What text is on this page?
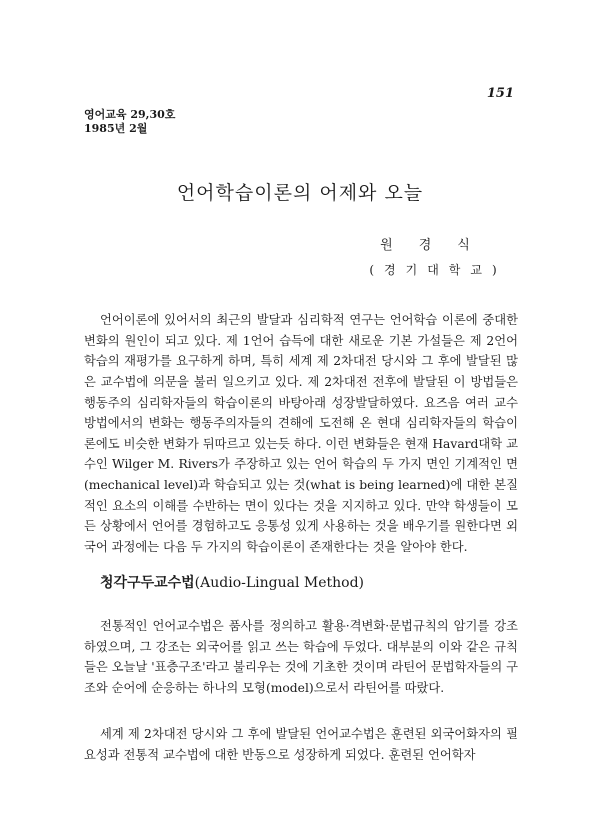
151
영어교육 29,30호
1985년 2월
언어학습이론의 어제와 오늘
원경식
(경기대학교)

언어이론에 있어서의 최근의 발달과 심리학적 연구는 언어학습 이론에 중대한 변화의 원인이 되고 있다. 제 1언어 습득에 대한 새로운 기본 가설들은 제 2언어 학습의 재평가를 요구하게 하며, 특히 세계 제 2차대전 당시와 그 후에 발달된 많은 교수법에 의문을 불러 일으키고 있다. 제 2차대전 전후에 발달된 이 방법들은 행동주의 심리학자들의 학습이론의 바탕아래 성장발달하였다. 요즈음 여러 교수방법에서의 변화는 행동주의자들의 견해에 도전해 온 현대 심리학자들의 학습이론에도 비슷한 변화가 뒤따르고 있는듯 하다. 이런 변화들은 현재 Havard대학 교수인 Wilger M. Rivers가 주장하고 있는 언어 학습의 두 가지 면인 기계적인 면(mechanical level)과 학습되고 있는 것(what is being learned)에 대한 본질적인 요소의 이해를 수반하는 면이 있다는 것을 지지하고 있다. 만약 학생들이 모든 상황에서 언어를 경험하고도 응통성 있게 사용하는 것을 배우기를 원한다면 외국어 과정에는 다음 두 가지의 학습이론이 존재한다는 것을 알아야 한다.

청각구두교수법(Audio-Lingual Method)

전통적인 언어교수법은 품사를 정의하고 활용·격변화·문법규칙의 암기를 강조하였으며, 그 강조는 외국어를 읽고 쓰는 학습에 두었다. 대부분의 이와 같은 규칙들은 오늘날 '표층구조'라고 불리우는 것에 기초한 것이며 라틴어 문법학자들의 구조와 순어에 순응하는 하나의 모형(model)으로서 라틴어를 따랐다.

세계 제 2차대전 당시와 그 후에 발달된 언어교수법은 훈련된 외국어화자의 필요성과 전통적 교수법에 대한 반동으로 성장하게 되었다. 훈련된 언어학자
